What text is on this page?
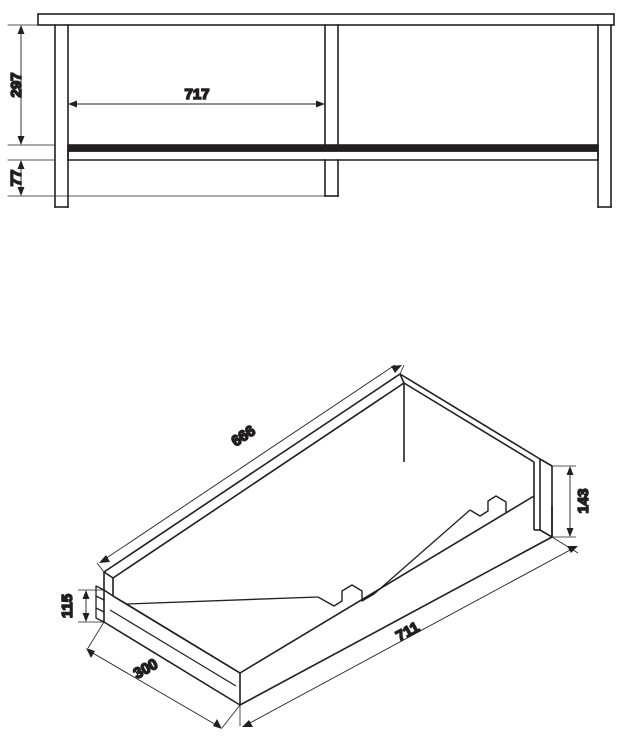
297
77
717
666
143
711
115
300
